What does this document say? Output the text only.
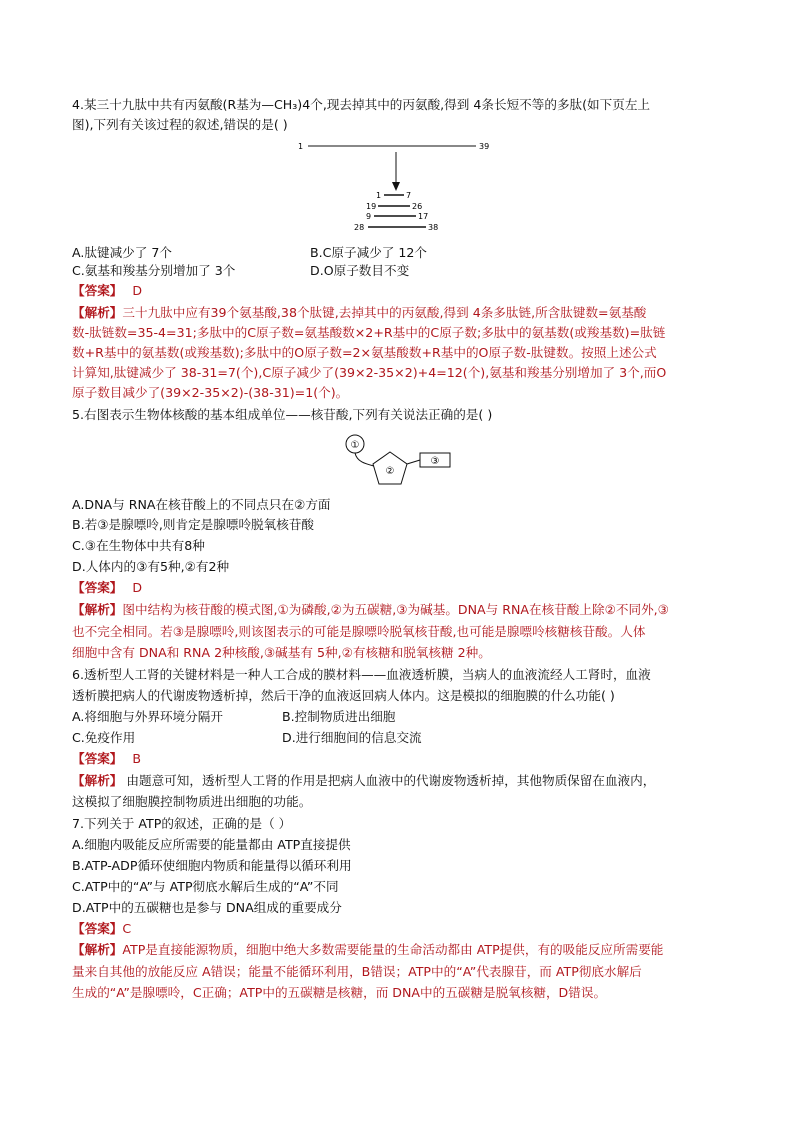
4.某三十九肽中共有丙氨酸(R基为—CH₃)4个,现去掉其中的丙氨酸,得到 4条长短不等的多肽(如下页左上
图),下列有关该过程的叙述,错误的是( )
1	39
1	7
19	26
9	17
28	38
A.肽键减少了 7个	B.C原子减少了 12个
C.氨基和羧基分别增加了 3个	D.O原子数目不变
【答案】 D
【解析】三十九肽中应有39个氨基酸,38个肽键,去掉其中的丙氨酸,得到 4条多肽链,所含肽键数=氨基酸
数-肽链数=35-4=31;多肽中的C原子数=氨基酸数×2+R基中的C原子数;多肽中的氨基数(或羧基数)=肽链
数+R基中的氨基数(或羧基数);多肽中的O原子数=2×氨基酸数+R基中的O原子数-肽键数。按照上述公式
计算知,肽键减少了 38-31=7(个),C原子减少了(39×2-35×2)+4=12(个),氨基和羧基分别增加了 3个,而O
原子数目减少了(39×2-35×2)-(38-31)=1(个)。
5.右图表示生物体核酸的基本组成单位——核苷酸,下列有关说法正确的是( )
①
②
③
A.DNA与 RNA在核苷酸上的不同点只在②方面
B.若③是腺嘌呤,则肯定是腺嘌呤脱氧核苷酸
C.③在生物体中共有8种
D.人体内的③有5种,②有2种
【答案】 D
【解析】图中结构为核苷酸的模式图,①为磷酸,②为五碳糖,③为碱基。DNA与 RNA在核苷酸上除②不同外,③
也不完全相同。若③是腺嘌呤,则该图表示的可能是腺嘌呤脱氧核苷酸,也可能是腺嘌呤核糖核苷酸。人体
细胞中含有 DNA和 RNA 2种核酸,③碱基有 5种,②有核糖和脱氧核糖 2种。
6.透析型人工肾的关键材料是一种人工合成的膜材料——血液透析膜，当病人的血液流经人工肾时，血液
透析膜把病人的代谢废物透析掉，然后干净的血液返回病人体内。这是模拟的细胞膜的什么功能( )
A.将细胞与外界环境分隔开	B.控制物质进出细胞
C.免疫作用	D.进行细胞间的信息交流
【答案】 B
【解析】 由题意可知，透析型人工肾的作用是把病人血液中的代谢废物透析掉，其他物质保留在血液内，
这模拟了细胞膜控制物质进出细胞的功能。
7.下列关于 ATP的叙述，正确的是（ ）
A.细胞内吸能反应所需要的能量都由 ATP直接提供
B.ATP-ADP循环使细胞内物质和能量得以循环利用
C.ATP中的“A”与 ATP彻底水解后生成的“A”不同
D.ATP中的五碳糖也是参与 DNA组成的重要成分
【答案】C
【解析】ATP是直接能源物质，细胞中绝大多数需要能量的生命活动都由 ATP提供，有的吸能反应所需要能
量来自其他的放能反应 A错误；能量不能循环利用，B错误；ATP中的“A”代表腺苷，而 ATP彻底水解后
生成的“A”是腺嘌呤，C正确；ATP中的五碳糖是核糖，而 DNA中的五碳糖是脱氧核糖，D错误。
